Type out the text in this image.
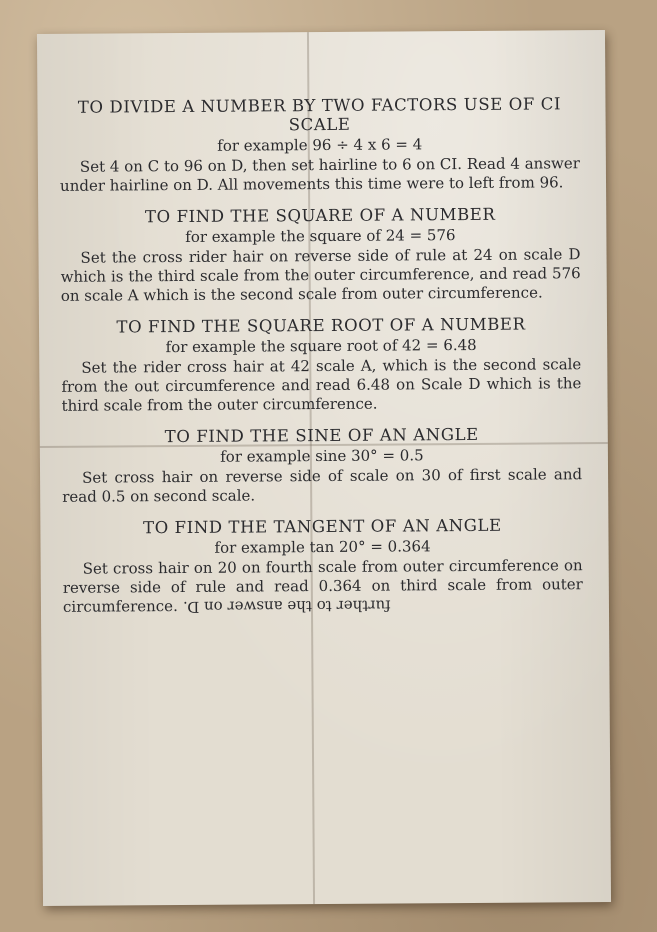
TO DIVIDE A NUMBER BY TWO FACTORS USE OF CI SCALE

for example 96 ÷ 4 x 6 = 4

Set 4 on C to 96 on D, then set hairline to 6 on CI. Read 4 answer under hairline on D. All movements this time were to left from 96.

TO FIND THE SQUARE OF A NUMBER

for example the square of 24 = 576

Set the cross rider hair on reverse side of rule at 24 on scale D which is the third scale from the outer circumference, and read 576 on scale A which is the second scale from outer circumference.

TO FIND THE SQUARE ROOT OF A NUMBER

for example the square root of 42 = 6.48

Set the rider cross hair at 42 scale A, which is the second scale from the out circumference and read 6.48 on Scale D which is the third scale from the outer circumference.

TO FIND THE SINE OF AN ANGLE

for example sine 30° = 0.5

Set cross hair on reverse side of scale on 30 of first scale and read 0.5 on second scale.

TO FIND THE TANGENT OF AN ANGLE

for example tan 20° = 0.364

Set cross hair on 20 on fourth scale from outer circumference on reverse side of rule and read 0.364 on third scale from outer circumference. further to the answer on D.
